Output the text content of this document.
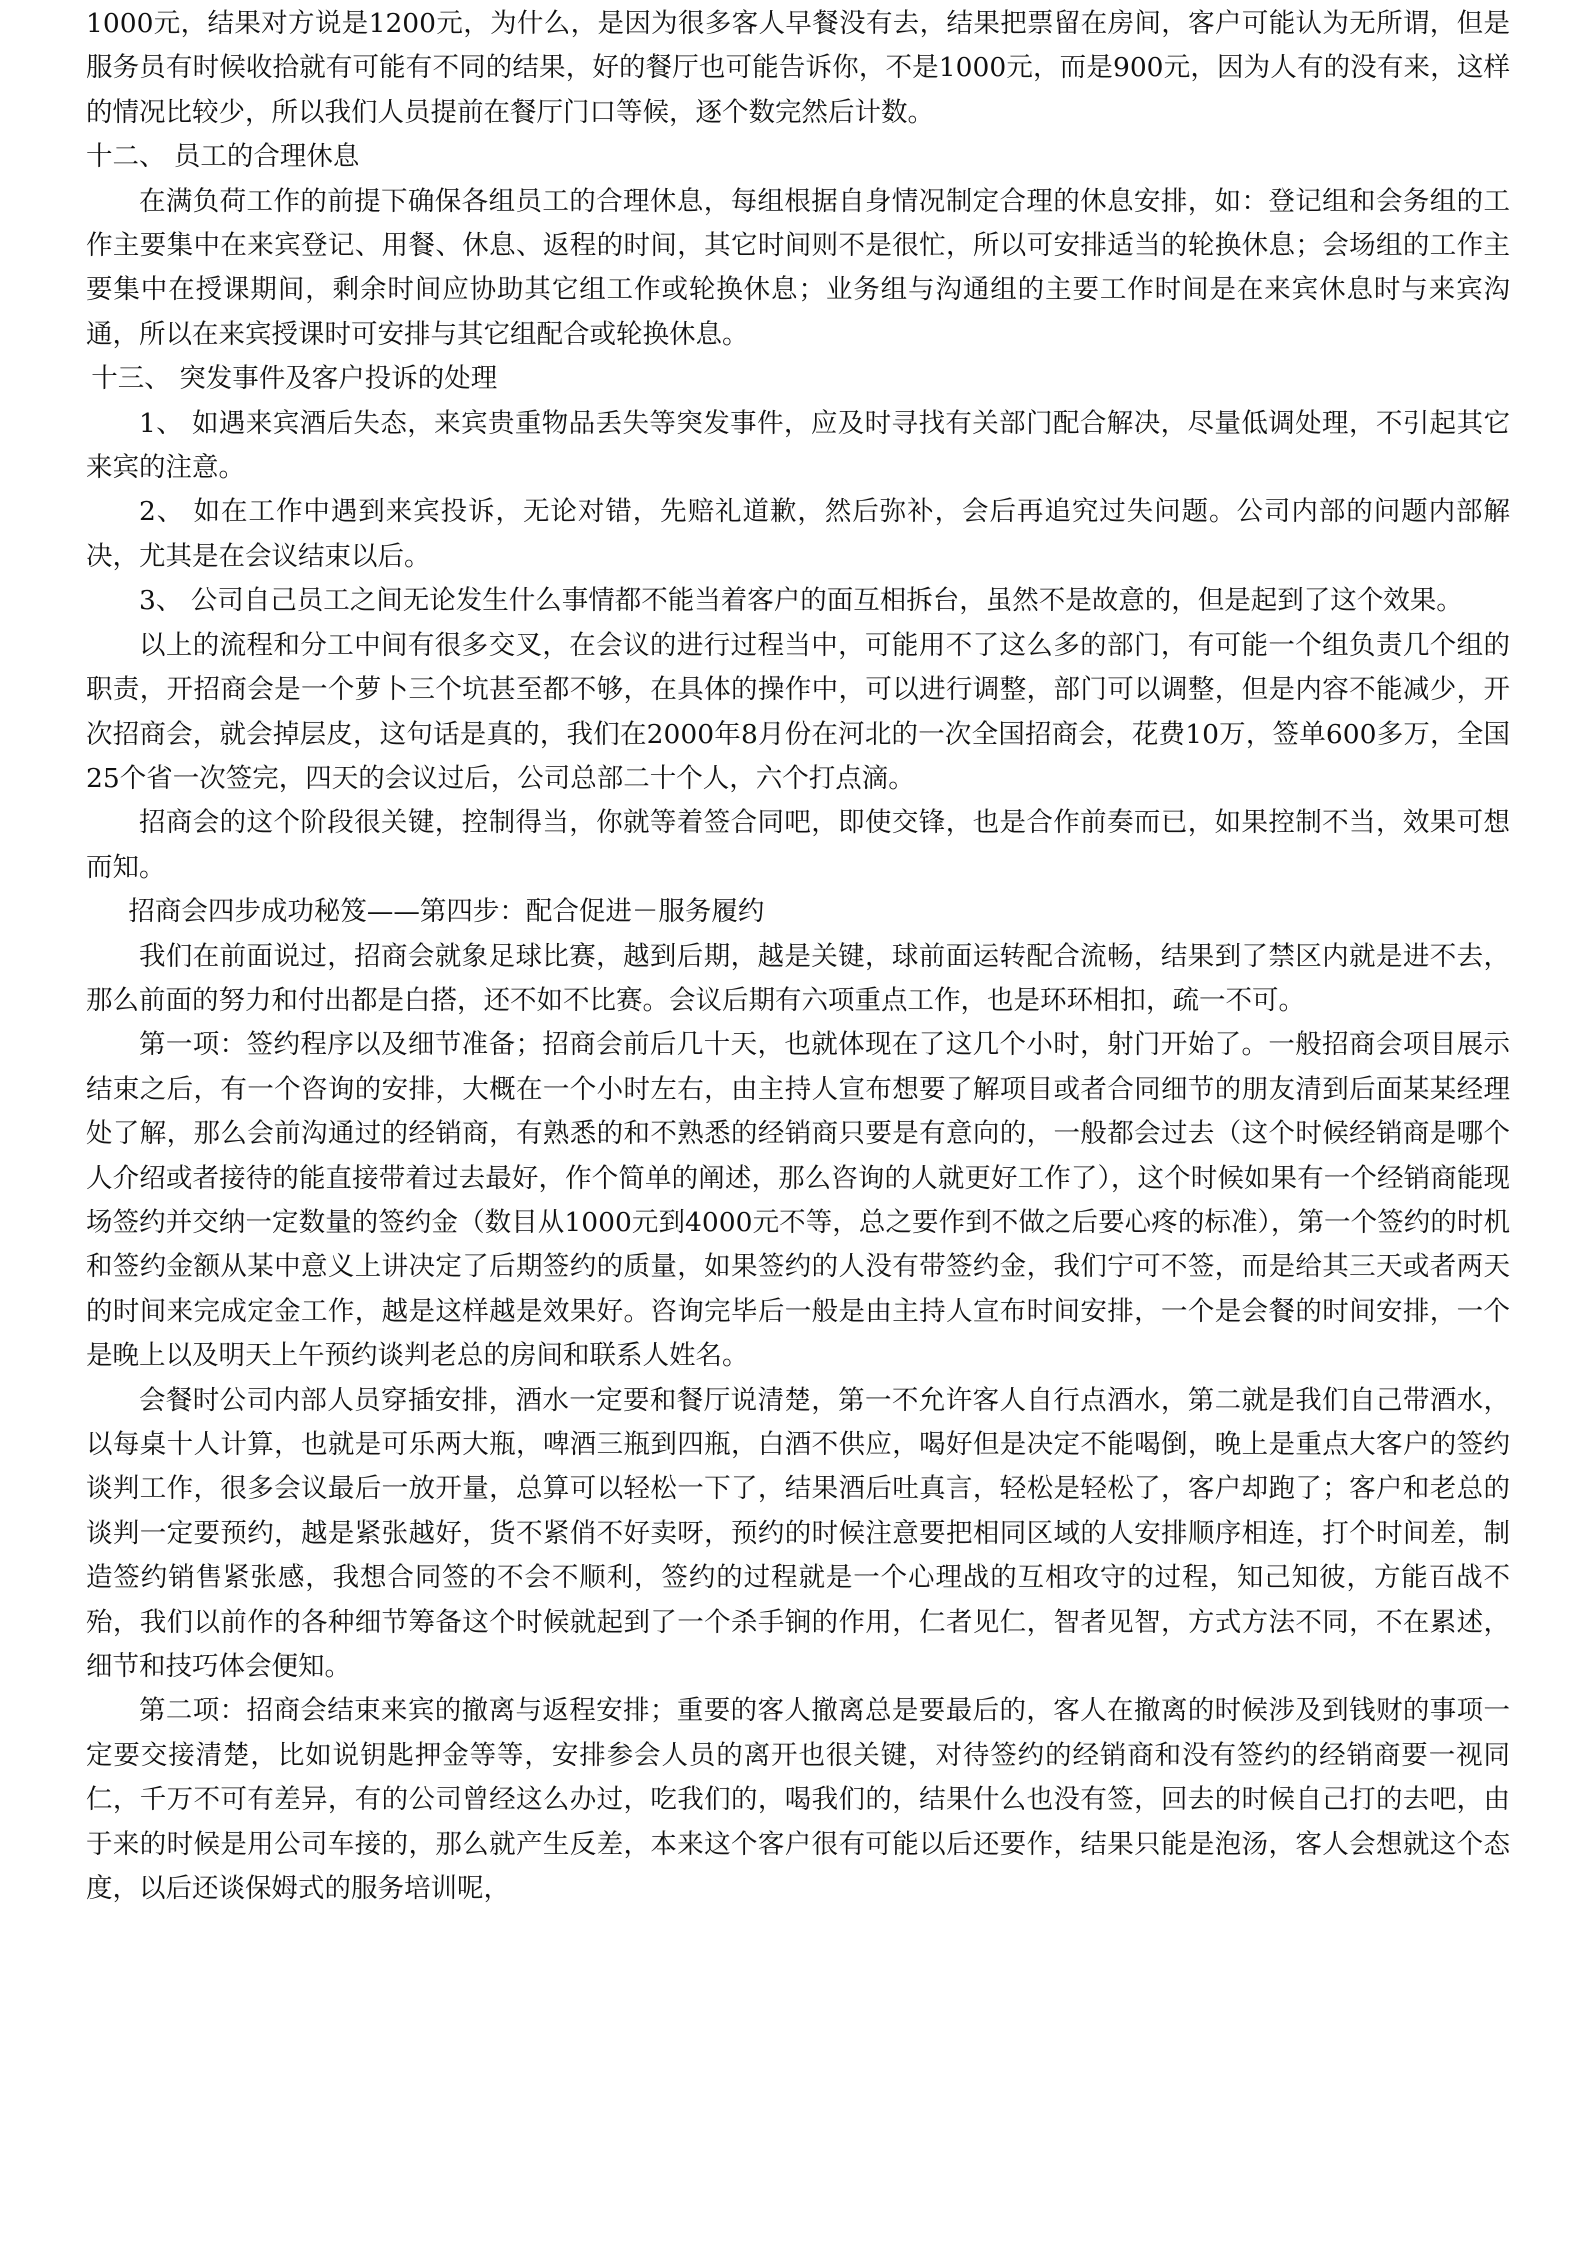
1000元，结果对方说是1200元，为什么，是因为很多客人早餐没有去，结果把票留在房间，客户可能认为无所谓，但是服务员有时候收拾就有可能有不同的结果，好的餐厅也可能告诉你，不是1000元，而是900元，因为人有的没有来，这样的情况比较少，所以我们人员提前在餐厅门口等候，逐个数完然后计数。

十二、 员工的合理休息

在满负荷工作的前提下确保各组员工的合理休息，每组根据自身情况制定合理的休息安排，如：登记组和会务组的工作主要集中在来宾登记、用餐、休息、返程的时间，其它时间则不是很忙，所以可安排适当的轮换休息；会场组的工作主要集中在授课期间，剩余时间应协助其它组工作或轮换休息；业务组与沟通组的主要工作时间是在来宾休息时与来宾沟通，所以在来宾授课时可安排与其它组配合或轮换休息。

十三、 突发事件及客户投诉的处理

1、 如遇来宾酒后失态，来宾贵重物品丢失等突发事件，应及时寻找有关部门配合解决，尽量低调处理，不引起其它来宾的注意。

2、 如在工作中遇到来宾投诉，无论对错，先赔礼道歉，然后弥补，会后再追究过失问题。公司内部的问题内部解决，尤其是在会议结束以后。

3、 公司自己员工之间无论发生什么事情都不能当着客户的面互相拆台，虽然不是故意的，但是起到了这个效果。

以上的流程和分工中间有很多交叉，在会议的进行过程当中，可能用不了这么多的部门，有可能一个组负责几个组的职责，开招商会是一个萝卜三个坑甚至都不够，在具体的操作中，可以进行调整，部门可以调整，但是内容不能减少，开次招商会，就会掉层皮，这句话是真的，我们在2000年8月份在河北的一次全国招商会，花费10万，签单600多万，全国25个省一次签完，四天的会议过后，公司总部二十个人，六个打点滴。

招商会的这个阶段很关键，控制得当，你就等着签合同吧，即使交锋，也是合作前奏而已，如果控制不当，效果可想而知。

招商会四步成功秘笈——第四步：配合促进－服务履约

我们在前面说过，招商会就象足球比赛，越到后期，越是关键，球前面运转配合流畅，结果到了禁区内就是进不去，那么前面的努力和付出都是白搭，还不如不比赛。会议后期有六项重点工作，也是环环相扣，疏一不可。

第一项：签约程序以及细节准备；招商会前后几十天，也就体现在了这几个小时，射门开始了。一般招商会项目展示结束之后，有一个咨询的安排，大概在一个小时左右，由主持人宣布想要了解项目或者合同细节的朋友清到后面某某经理处了解，那么会前沟通过的经销商，有熟悉的和不熟悉的经销商只要是有意向的，一般都会过去（这个时候经销商是哪个人介绍或者接待的能直接带着过去最好，作个简单的阐述，那么咨询的人就更好工作了），这个时候如果有一个经销商能现场签约并交纳一定数量的签约金（数目从1000元到4000元不等，总之要作到不做之后要心疼的标准），第一个签约的时机和签约金额从某中意义上讲决定了后期签约的质量，如果签约的人没有带签约金，我们宁可不签，而是给其三天或者两天的时间来完成定金工作，越是这样越是效果好。咨询完毕后一般是由主持人宣布时间安排，一个是会餐的时间安排，一个是晚上以及明天上午预约谈判老总的房间和联系人姓名。

会餐时公司内部人员穿插安排，酒水一定要和餐厅说清楚，第一不允许客人自行点酒水，第二就是我们自己带酒水，以每桌十人计算，也就是可乐两大瓶，啤酒三瓶到四瓶，白酒不供应，喝好但是决定不能喝倒，晚上是重点大客户的签约谈判工作，很多会议最后一放开量，总算可以轻松一下了，结果酒后吐真言，轻松是轻松了，客户却跑了；客户和老总的谈判一定要预约，越是紧张越好，货不紧俏不好卖呀，预约的时候注意要把相同区域的人安排顺序相连，打个时间差，制造签约销售紧张感，我想合同签的不会不顺利，签约的过程就是一个心理战的互相攻守的过程，知己知彼，方能百战不殆，我们以前作的各种细节筹备这个时候就起到了一个杀手锏的作用，仁者见仁，智者见智，方式方法不同，不在累述，细节和技巧体会便知。

第二项：招商会结束来宾的撤离与返程安排；重要的客人撤离总是要最后的，客人在撤离的时候涉及到钱财的事项一定要交接清楚，比如说钥匙押金等等，安排参会人员的离开也很关键，对待签约的经销商和没有签约的经销商要一视同仁，千万不可有差异，有的公司曾经这么办过，吃我们的，喝我们的，结果什么也没有签，回去的时候自己打的去吧，由于来的时候是用公司车接的，那么就产生反差，本来这个客户很有可能以后还要作，结果只能是泡汤，客人会想就这个态度，以后还谈保姆式的服务培训呢，
